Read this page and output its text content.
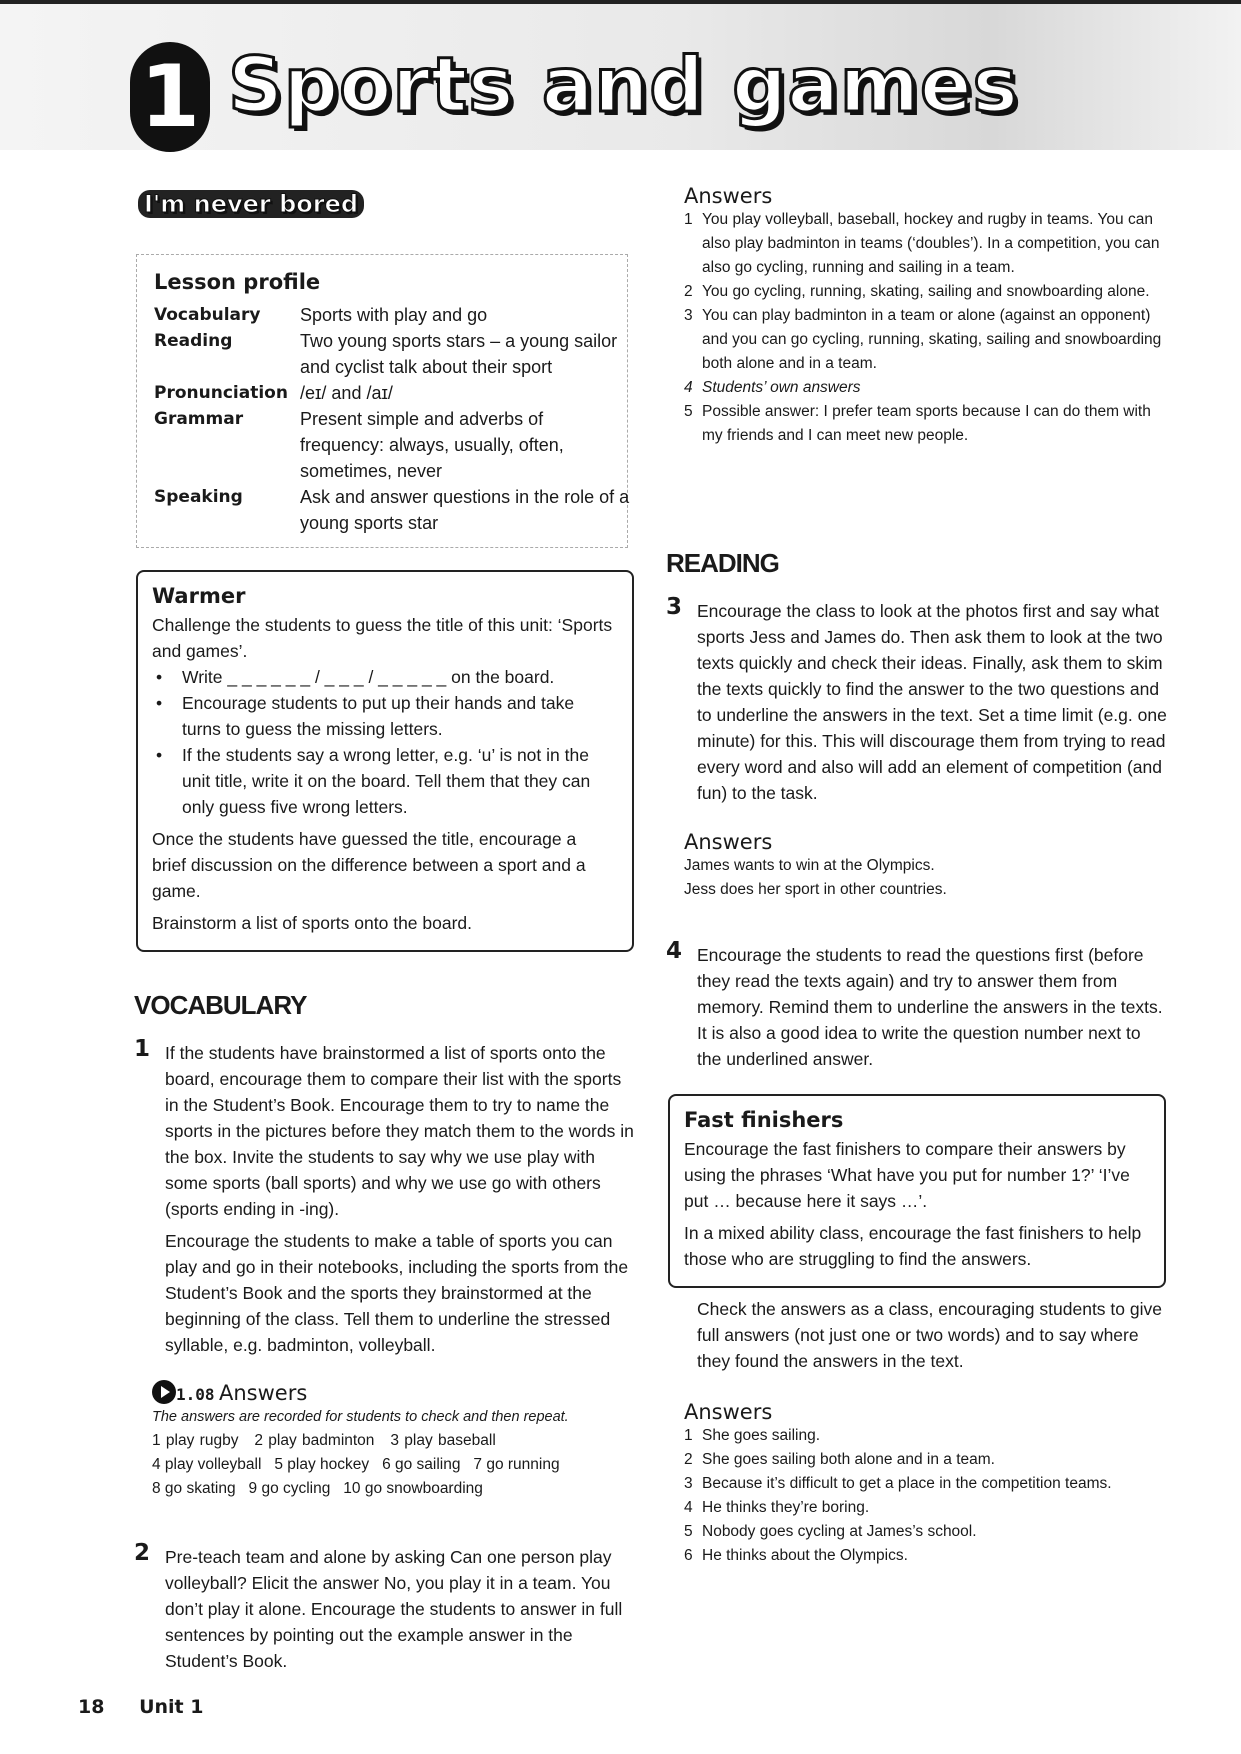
1 Sports and games
I'm never bored
Lesson profile
Vocabulary	Sports with play and go
Reading	Two young sports stars – a young sailor and cyclist talk about their sport
Pronunciation /eɪ/ and /aɪ/
Grammar	Present simple and adverbs of frequency: always, usually, often, sometimes, never
Speaking	Ask and answer questions in the role of a young sports star
Warmer

Challenge the students to guess the title of this unit: ‘Sports and games’.

• Write _ _ _ _ _ _ / _ _ _ / _ _ _ _ _ on the board.
• Encourage students to put up their hands and take turns to guess the missing letters.
• If the students say a wrong letter, e.g. ‘u’ is not in the unit title, write it on the board. Tell them that they can only guess five wrong letters.

Once the students have guessed the title, encourage a brief discussion on the difference between a sport and a game.

Brainstorm a list of sports onto the board.

VOCABULARY
1 If the students have brainstormed a list of sports onto the board, encourage them to compare their list with the sports in the Student’s Book. Encourage them to try to name the sports in the pictures before they match them to the words in the box. Invite the students to say why we use play with some sports (ball sports) and why we use go with others (sports ending in -ing).

Encourage the students to make a table of sports you can play and go in their notebooks, including the sports from the Student’s Book and the sports they brainstormed at the beginning of the class. Tell them to underline the stressed syllable, e.g. badminton, volleyball.

1.08 Answers

The answers are recorded for students to check and then repeat.

1 play rugby 2 play badminton 3 play baseball
4 play volleyball 5 play hockey 6 go sailing 7 go running
8 go skating 9 go cycling 10 go snowboarding
2 Pre-teach team and alone by asking Can one person play volleyball? Elicit the answer No, you play it in a team. You don’t play it alone. Encourage the students to answer in full sentences by pointing out the example answer in the Student’s Book.

Answers
1 You play volleyball, baseball, hockey and rugby in teams. You can also play badminton in teams (‘doubles’). In a competition, you can also go cycling, running and sailing in a team.
2 You go cycling, running, skating, sailing and snowboarding alone.
3 You can play badminton in a team or alone (against an opponent) and you can go cycling, running, skating, sailing and snowboarding both alone and in a team.
4 Students’ own answers
5 Possible answer: I prefer team sports because I can do them with my friends and I can meet new people.
READING
3 Encourage the class to look at the photos first and say what sports Jess and James do. Then ask them to look at the two texts quickly and check their ideas. Finally, ask them to skim the texts quickly to find the answer to the two questions and to underline the answers in the text. Set a time limit (e.g. one minute) for this. This will discourage them from trying to read every word and also will add an element of competition (and fun) to the task.

Answers

James wants to win at the Olympics.

Jess does her sport in other countries.

4 Encourage the students to read the questions first (before they read the texts again) and try to answer them from memory. Remind them to underline the answers in the texts. It is also a good idea to write the question number next to the underlined answer.

Fast finishers

Encourage the fast finishers to compare their answers by using the phrases ‘What have you put for number 1?’ ‘I’ve put … because here it says …’.

In a mixed ability class, encourage the fast finishers to help those who are struggling to find the answers.

Check the answers as a class, encouraging students to give full answers (not just one or two words) and to say where they found the answers in the text.

Answers
1 She goes sailing.
2 She goes sailing both alone and in a team.
3 Because it’s difficult to get a place in the competition teams.
4 He thinks they’re boring.
5 Nobody goes cycling at James’s school.
6 He thinks about the Olympics.
18 Unit 1
